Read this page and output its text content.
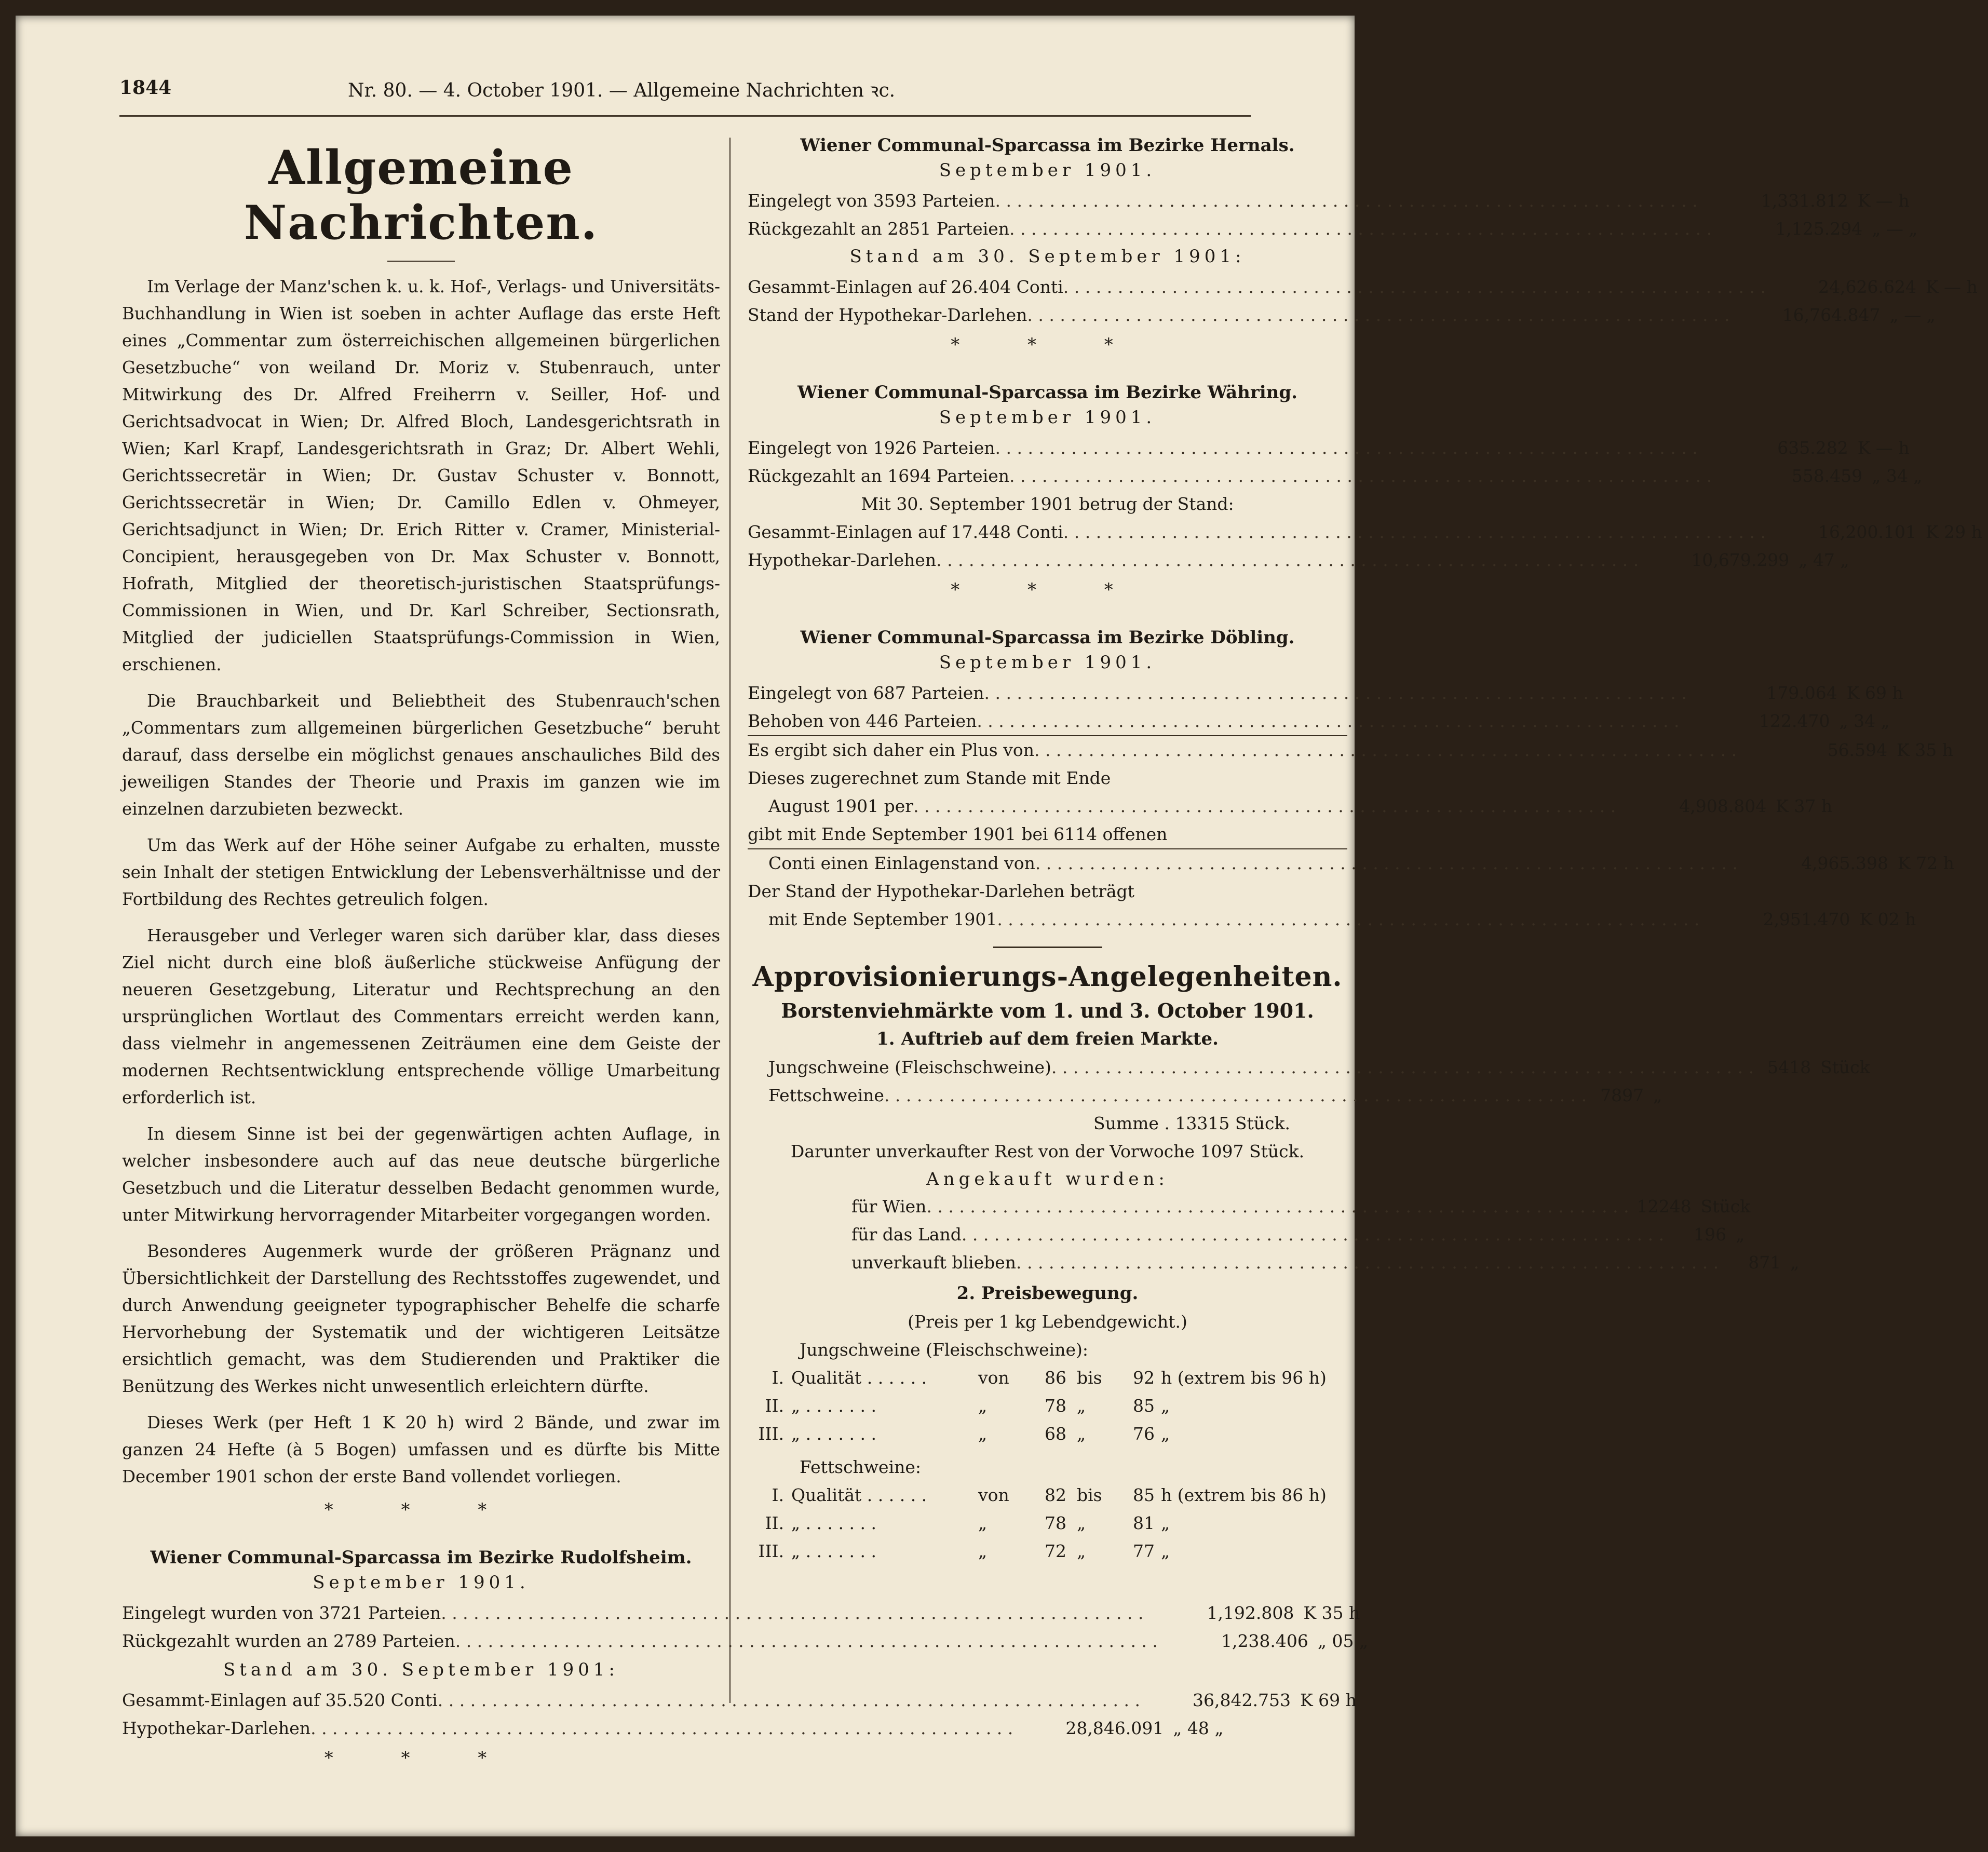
1844	Nr. 80. — 4. October 1901. — Allgemeine Nachrichten ꝛc.
Allgemeine Nachrichten.

Im Verlage der Manz'schen k. u. k. Hof-, Verlags- und Universitäts-Buchhandlung in Wien ist soeben in achter Auflage das erste Heft eines „Commentar zum österreichischen allgemeinen bürgerlichen Gesetzbuche“ von weiland Dr. Moriz v. Stubenrauch, unter Mitwirkung des Dr. Alfred Freiherrn v. Seiller, Hof- und Gerichtsadvocat in Wien; Dr. Alfred Bloch, Landesgerichtsrath in Wien; Karl Krapf, Landesgerichtsrath in Graz; Dr. Albert Wehli, Gerichtssecretär in Wien; Dr. Gustav Schuster v. Bonnott, Gerichtssecretär in Wien; Dr. Camillo Edlen v. Ohmeyer, Gerichtsadjunct in Wien; Dr. Erich Ritter v. Cramer, Ministerial-Concipient, herausgegeben von Dr. Max Schuster v. Bonnott, Hofrath, Mitglied der theoretisch-juristischen Staatsprüfungs-Commissionen in Wien, und Dr. Karl Schreiber, Sectionsrath, Mitglied der judiciellen Staatsprüfungs-Commission in Wien, erschienen.

Die Brauchbarkeit und Beliebtheit des Stubenrauch'schen „Commentars zum allgemeinen bürgerlichen Gesetzbuche“ beruht darauf, dass derselbe ein möglichst genaues anschauliches Bild des jeweiligen Standes der Theorie und Praxis im ganzen wie im einzelnen darzubieten bezweckt.

Um das Werk auf der Höhe seiner Aufgabe zu erhalten, musste sein Inhalt der stetigen Entwicklung der Lebensverhältnisse und der Fortbildung des Rechtes getreulich folgen.

Herausgeber und Verleger waren sich darüber klar, dass dieses Ziel nicht durch eine bloß äußerliche stückweise Anfügung der neueren Gesetzgebung, Literatur und Rechtsprechung an den ursprünglichen Wortlaut des Commentars erreicht werden kann, dass vielmehr in angemessenen Zeiträumen eine dem Geiste der modernen Rechtsentwicklung entsprechende völlige Umarbeitung erforderlich ist.

In diesem Sinne ist bei der gegenwärtigen achten Auflage, in welcher insbesondere auch auf das neue deutsche bürgerliche Gesetzbuch und die Literatur desselben Bedacht genommen wurde, unter Mitwirkung hervorragender Mitarbeiter vorgegangen worden.

Besonderes Augenmerk wurde der größeren Prägnanz und Übersichtlichkeit der Darstellung des Rechtsstoffes zugewendet, und durch Anwendung geeigneter typographischer Behelfe die scharfe Hervorhebung der Systematik und der wichtigeren Leitsätze ersichtlich gemacht, was dem Studierenden und Praktiker die Benützung des Werkes nicht unwesentlich erleichtern dürfte.

Dieses Werk (per Heft 1 K 20 h) wird 2 Bände, und zwar im ganzen 24 Hefte (à 5 Bogen) umfassen und es dürfte bis Mitte December 1901 schon der erste Band vollendet vorliegen.

* * *
Wiener Communal-Sparcassa im Bezirke Rudolfsheim.
September 1901.
Eingelegt wurden von 3721 Parteien . . .	1,192.808 K 35 h
Rückgezahlt wurden an 2789 Parteien . . .	1,238.406 „ 05 „
Stand am 30. September 1901:
Gesammt-Einlagen auf 35.520 Conti . . .	36,842.753 K 69 h
Hypothekar-Darlehen . . .	28,846.091 „ 48 „
* * *
Wiener Communal-Sparcassa im Bezirke Hernals.
September 1901.
Eingelegt von 3593 Parteien . . .	1,331.812 K — h
Rückgezahlt an 2851 Parteien . . .	1,125.294 „ — „
Stand am 30. September 1901:
Gesammt-Einlagen auf 26.404 Conti . . .	24,626.624 K — h
Stand der Hypothekar-Darlehen . . .	16,764.847 „ — „
* * *
Wiener Communal-Sparcassa im Bezirke Währing.
September 1901.
Eingelegt von 1926 Parteien . . .	635.282 K — h
Rückgezahlt an 1694 Parteien . . .	558.459 „ 34 „
Mit 30. September 1901 betrug der Stand:
Gesammt-Einlagen auf 17.448 Conti . . .	16,200.101 K 29 h
Hypothekar-Darlehen . . .	10,679.299 „ 47 „
* * *
Wiener Communal-Sparcassa im Bezirke Döbling.
September 1901.
Eingelegt von 687 Parteien . . .	179.064 K 69 h
Behoben von 446 Parteien . . .	122.470 „ 34 „
Es ergibt sich daher ein Plus von . . .	56.594 K 35 h
Dieses zugerechnet zum Stande mit Ende
August 1901 per . . .	4,908.804 K 37 h
gibt mit Ende September 1901 bei 6114 offenen
Conti einen Einlagenstand von . . .	4,965.398 K 72 h
Der Stand der Hypothekar-Darlehen beträgt
mit Ende September 1901 . . .	2,951.470 K 02 h
Approvisionierungs-Angelegenheiten.
Borstenviehmärkte vom 1. und 3. October 1901.
1. Auftrieb auf dem freien Markte.
Jungschweine (Fleischschweine) . . .	5418 Stück
Fettschweine . . .	7897 „
Summe . 13315 Stück.
Darunter unverkaufter Rest von der Vorwoche 1097 Stück.
Angekauft wurden:
für Wien . . .	12248 Stück
für das Land . . .	196 „
unverkauft blieben . . .	871 „
2. Preisbewegung.
(Preis per 1 kg Lebendgewicht.)
Jungschweine (Fleischschweine):
I. Qualität . . . . . .	von	86 bis	92 h (extrem bis 96 h)
II. „ . . . . . . .	„	78 „	85 „
III. „ . . . . . . .	„	68 „	76 „
Fettschweine:
I. Qualität . . . . . .	von	82 bis	85 h (extrem bis 86 h)
II. „ . . . . . . .	„	78 „	81 „
III. „ . . . . . . .	„	72 „	77 „
